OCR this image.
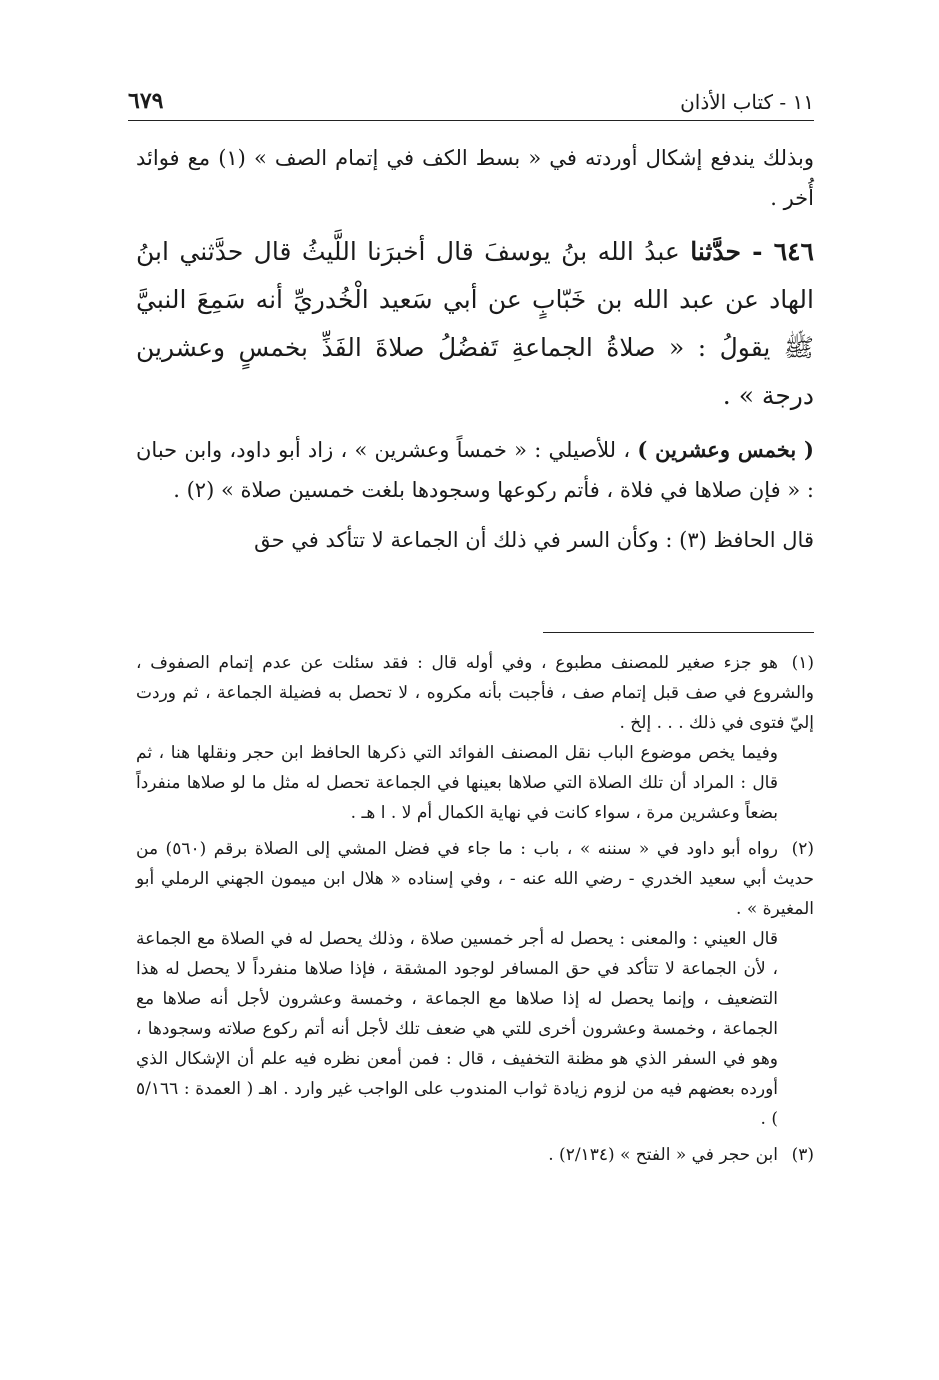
١١ - كتاب الأذان
٦٧٩

وبذلك يندفع إشكال أوردته في « بسط الكف في إتمام الصف » (١) مع فوائد أُخر .

٦٤٦ - حدَّثنا عبدُ الله بنُ يوسفَ قال أخبرَنا اللَّيثُ قال حدَّثني ابنُ الهاد عن عبد الله بن خَبّابٍ عن أبي سَعيد الْخُدريِّ أنه سَمِعَ النبيَّ ﷺ يقولُ : « صلاةُ الجماعةِ تَفضُلُ صلاةَ الفَذِّ بخمسٍ وعشرين درجة » .

( بخمس وعشرين ) ، للأصيلي : « خمساً وعشرين » ، زاد أبو داود، وابن حبان : « فإن صلاها في فلاة ، فأتم ركوعها وسجودها بلغت خمسين صلاة » (٢) .

قال الحافظ (٣) : وكأن السر في ذلك أن الجماعة لا تتأكد في حق

(١)هو جزء صغير للمصنف مطبوع ، وفي أوله قال : فقد سئلت عن عدم إتمام الصفوف ، والشروع في صف قبل إتمام صف ، فأجبت بأنه مكروه ، لا تحصل به فضيلة الجماعة ، ثم وردت إليّ فتوى في ذلك . . . إلخ .
وفيما يخص موضوع الباب نقل المصنف الفوائد التي ذكرها الحافظ ابن حجر ونقلها هنا ، ثم قال : المراد أن تلك الصلاة التي صلاها بعينها في الجماعة تحصل له مثل ما لو صلاها منفرداً بضعاً وعشرين مرة ، سواء كانت في نهاية الكمال أم لا . ا هـ .
(٢)رواه أبو داود في « سننه » ، باب : ما جاء في فضل المشي إلى الصلاة برقم (٥٦٠) من حديث أبي سعيد الخدري - رضي الله عنه - ، وفي إسناده « هلال ابن ميمون الجهني الرملي أبو المغيرة » .
قال العيني : والمعنى : يحصل له أجر خمسين صلاة ، وذلك يحصل له في الصلاة مع الجماعة ، لأن الجماعة لا تتأكد في حق المسافر لوجود المشقة ، فإذا صلاها منفرداً لا يحصل له هذا التضعيف ، وإنما يحصل له إذا صلاها مع الجماعة ، وخمسة وعشرون لأجل أنه صلاها مع الجماعة ، وخمسة وعشرون أخرى للتي هي ضعف تلك لأجل أنه أتم ركوع صلاته وسجودها ، وهو في السفر الذي هو مظنة التخفيف ، قال : فمن أمعن نظره فيه علم أن الإشكال الذي أورده بعضهم فيه من لزوم زيادة ثواب المندوب على الواجب غير وارد . اهـ ( العمدة : ٥/١٦٦ ) .
(٣)ابن حجر في « الفتح » (٢/١٣٤) .
